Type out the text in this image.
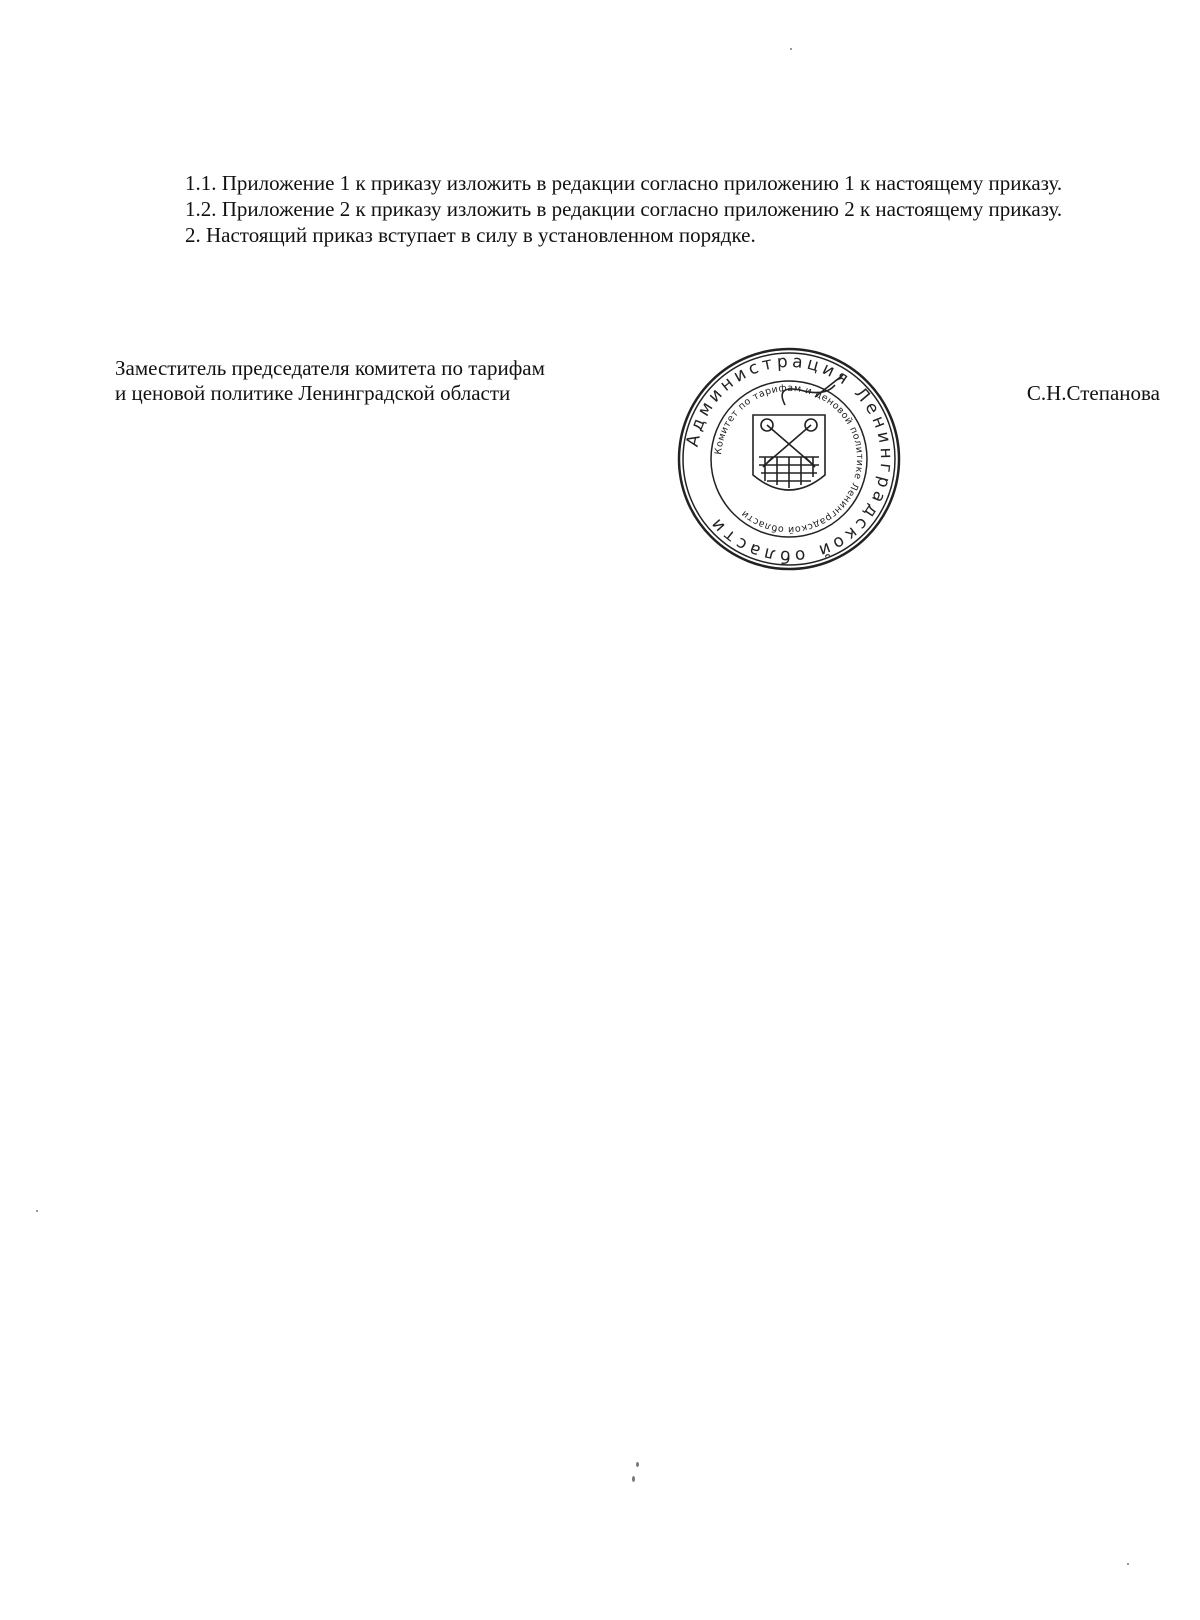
1.1. Приложение 1 к приказу изложить в редакции согласно приложению 1 к настоящему приказу.

1.2. Приложение 2 к приказу изложить в редакции согласно приложению 2 к настоящему приказу.

2. Настоящий приказ вступает в силу в установленном порядке.

Заместитель председателя комитета по тарифам
и ценовой политике Ленинградской области
Администрация Ленинградской области
Комитет по тарифам и ценовой политике Ленинградской области
С.Н.Степанова
